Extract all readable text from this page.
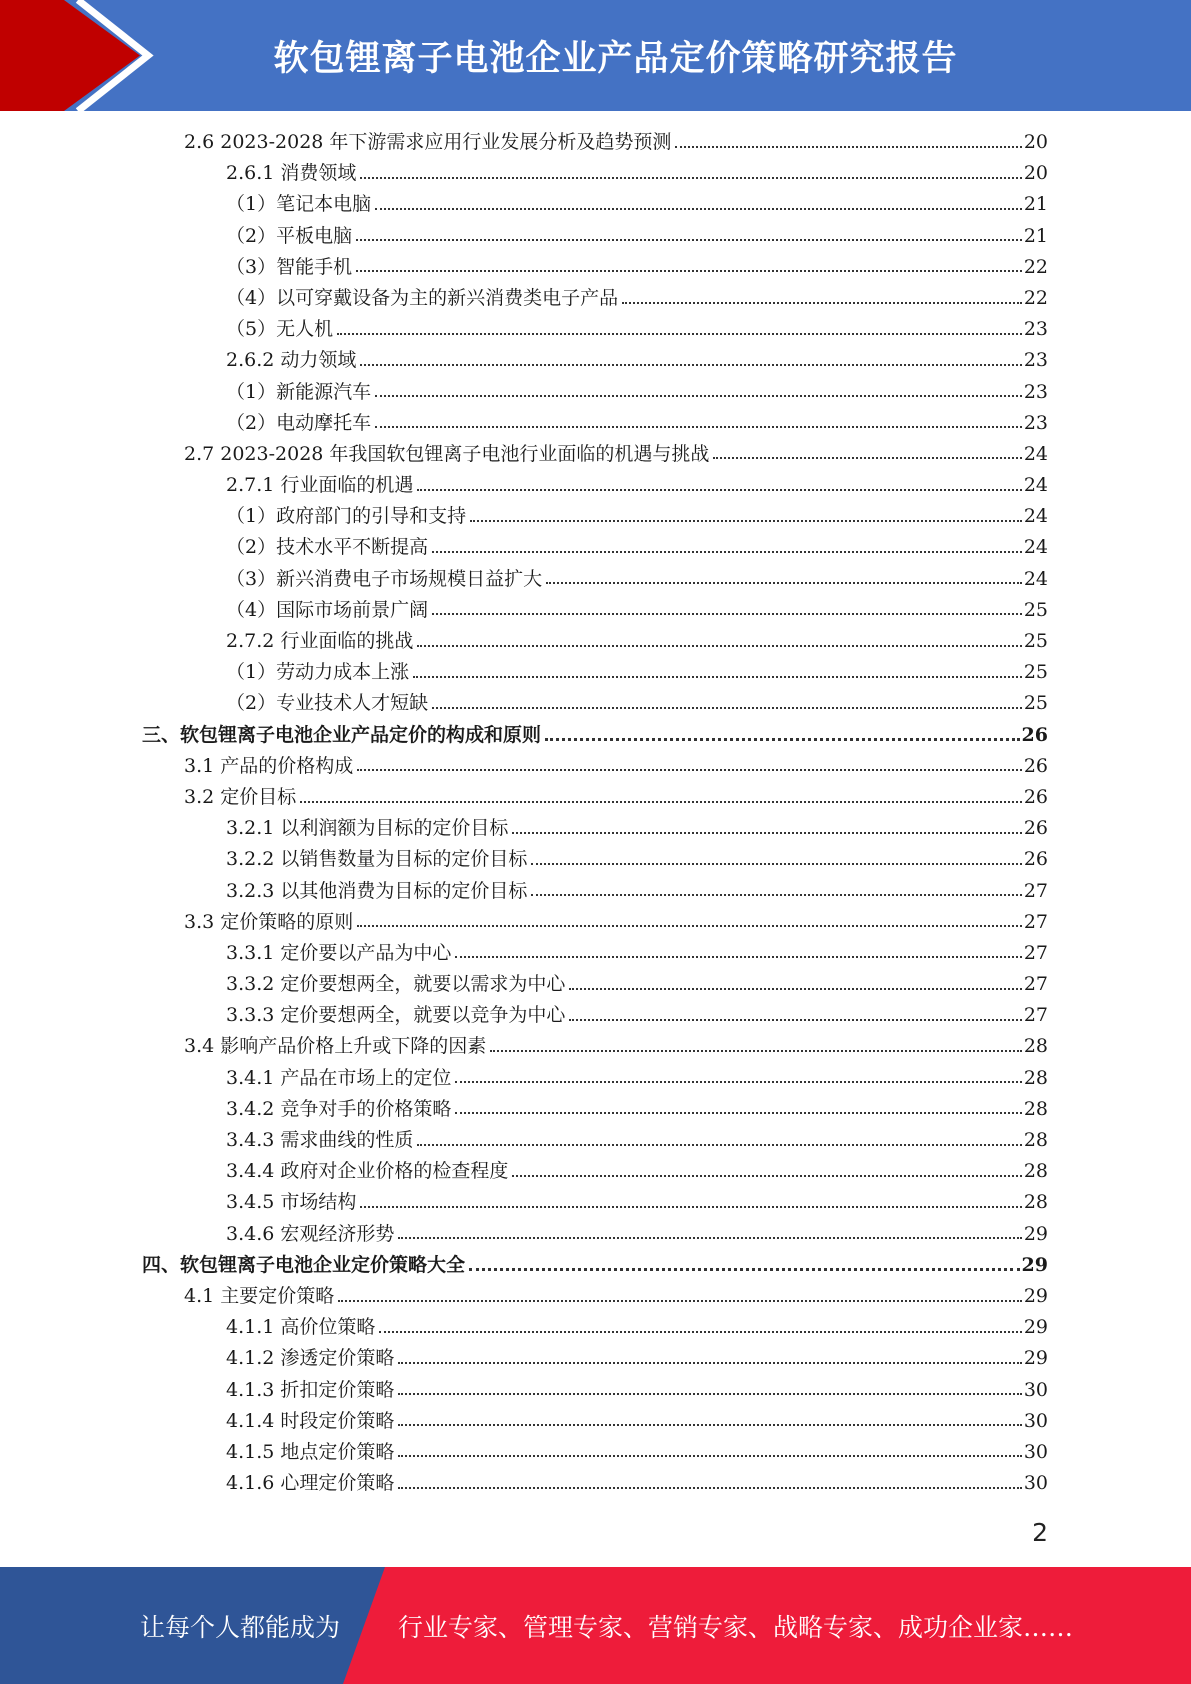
软包锂离子电池企业产品定价策略研究报告
2.6 2023-2028 年下游需求应用行业发展分析及趋势预测	20
2.6.1 消费领域	20
（1）笔记本电脑	21
（2）平板电脑	21
（3）智能手机	22
（4）以可穿戴设备为主的新兴消费类电子产品	22
（5）无人机	23
2.6.2 动力领域	23
（1）新能源汽车	23
（2）电动摩托车	23
2.7 2023-2028 年我国软包锂离子电池行业面临的机遇与挑战	24
2.7.1 行业面临的机遇	24
（1）政府部门的引导和支持	24
（2）技术水平不断提高	24
（3）新兴消费电子市场规模日益扩大	24
（4）国际市场前景广阔	25
2.7.2 行业面临的挑战	25
（1）劳动力成本上涨	25
（2）专业技术人才短缺	25
三、软包锂离子电池企业产品定价的构成和原则	26
3.1 产品的价格构成	26
3.2 定价目标	26
3.2.1 以利润额为目标的定价目标	26
3.2.2 以销售数量为目标的定价目标	26
3.2.3 以其他消费为目标的定价目标	27
3.3 定价策略的原则	27
3.3.1 定价要以产品为中心	27
3.3.2 定价要想两全，就要以需求为中心	27
3.3.3 定价要想两全，就要以竞争为中心	27
3.4 影响产品价格上升或下降的因素	28
3.4.1 产品在市场上的定位	28
3.4.2 竞争对手的价格策略	28
3.4.3 需求曲线的性质	28
3.4.4 政府对企业价格的检查程度	28
3.4.5 市场结构	28
3.4.6 宏观经济形势	29
四、软包锂离子电池企业定价策略大全	29
4.1 主要定价策略	29
4.1.1 高价位策略	29
4.1.2 渗透定价策略	29
4.1.3 折扣定价策略	30
4.1.4 时段定价策略	30
4.1.5 地点定价策略	30
4.1.6 心理定价策略	30
2
让每个人都能成为 行业专家、管理专家、营销专家、战略专家、成功企业家……
